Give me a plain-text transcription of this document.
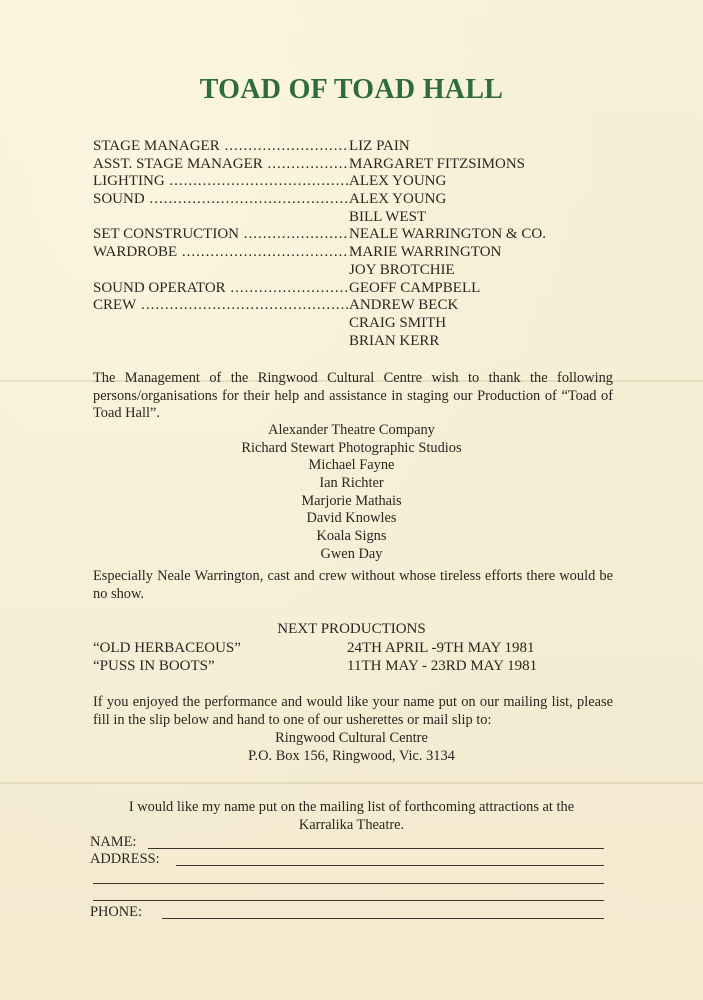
TOAD OF TOAD HALL
STAGE MANAGER .....	LIZ PAIN
ASST. STAGE MANAGER .....	MARGARET FITZSIMONS
LIGHTING .....	ALEX YOUNG
SOUND .....	ALEX YOUNG
BILL WEST
SET CONSTRUCTION .....	NEALE WARRINGTON & CO.
WARDROBE .....	MARIE WARRINGTON
JOY BROTCHIE
SOUND OPERATOR .....	GEOFF CAMPBELL
CREW .....	ANDREW BECK
CRAIG SMITH
BRIAN KERR
The Management of the Ringwood Cultural Centre wish to thank the following persons/organisations for their help and assistance in staging our Production of “Toad of Toad Hall”.
Alexander Theatre Company
Richard Stewart Photographic Studios
Michael Fayne
Ian Richter
Marjorie Mathais
David Knowles
Koala Signs
Gwen Day
Especially Neale Warrington, cast and crew without whose tireless efforts there would be no show.
NEXT PRODUCTIONS
“OLD HERBACEOUS”	24TH APRIL -9TH MAY 1981
“PUSS IN BOOTS”	11TH MAY - 23RD MAY 1981
If you enjoyed the performance and would like your name put on our mailing list, please fill in the slip below and hand to one of our usherettes or mail slip to:
Ringwood Cultural Centre
P.O. Box 156, Ringwood, Vic. 3134
I would like my name put on the mailing list of forthcoming attractions at the
Karralika Theatre.
NAME:
ADDRESS:
PHONE:
